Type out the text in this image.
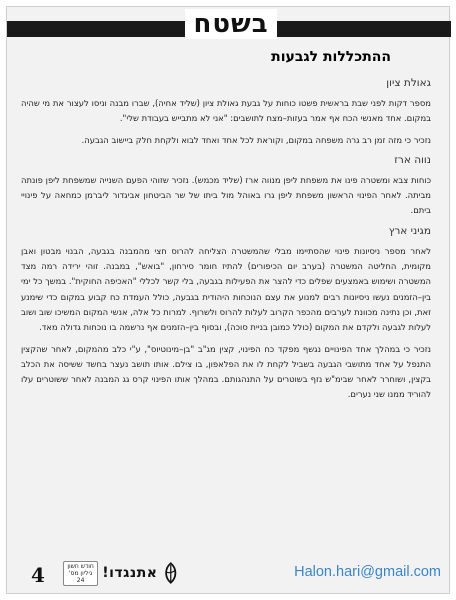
בשטח
ההתכללות לגבעות
גאולת ציון

מספר דקות לפני שבת בראשית פשטו כוחות על גבעת גאולת ציון (שליד אחיה), שברו מבנה וניסו לעצור את מי שהיה במקום. אחד מאנשי הכח אף אמר בעזות–מצח לתושבים: "אני לא מתבייש בעבודת שלי".

נזכיר כי מזה זמן רב גרה משפחה במקום, וקוראת לכל אחד ואחד לבוא ולקחת חלק ביישוב הגבעה.

נווה ארז

כוחות צבא ומשטרה פינו את משפחת ליפן מנווה ארז (שליד מכמש). נזכיר שזוהי הפעם השנייה שמשפחת ליפן פונתה מביתה. לאחר הפינוי הראשון משפחת ליפן גרו באוהל מול ביתו של שר הביטחון אביגדור ליברמן כמחאה על פינויי ביתם.

מגיני ארץ

לאחר מספר ניסיונות פינוי שהסתיימו מבלי שהמשטרה הצליחה להרוס חצי מהמבנה בגבעה, הבנוי מבטון ואבן מקומית, החליטה המשטרה (בערב יום הכיפורים) להתיז חומר סירחון, "בואש", במבנה. זוהי ירידה רמה מצד המשטרה ושימוש באמצעים שפלים כדי להצר את הפעילות בגבעה, בלי קשר לכללי "האכיפה החוקית". במשך כל ימי בין–הזמנים נעשו ניסיונות רבים למנוע את עצם הנוכחות היהודית בגבעה, כולל העמדת כח קבוע במקום כדי שימנע זאת, וכן נתינה מכוונת לערבים מהכפר הקרוב לעלות להרוס ולשרוף. למרות כל אלה, אנשי המקום המשיכו שוב ושוב לעלות לגבעה ולקדם את המקום (כולל כמובן בניית סוכה), ובסוף בין–הזמנים אף נרשמה בו נוכחות גדולה מאד.

נזכיר כי במהלך אחד הפינויים נגשף מפקד כח הפינוי, קצין מג"ב "בן–מינוטיוס", ע"י כלב מהמקום, לאחר שהקצין התנפל על אחד מתושבי הגבעה בשביל לקחת לו את הפלאפון, בו צילם. אותו תושב נעצר בחשד ששיסה את הכלב בקצין, ושוחרר לאחר שבימ"ש נזף בשוטרים על התנהגותם. במהלך אותו הפינוי קרס גג המבנה לאחר ששוטרים עלו להוריד ממנו שני נערים.

4	אתנגדו!
חודש חשון
גיליון מס' 24	Halon.hari@gmail.com
